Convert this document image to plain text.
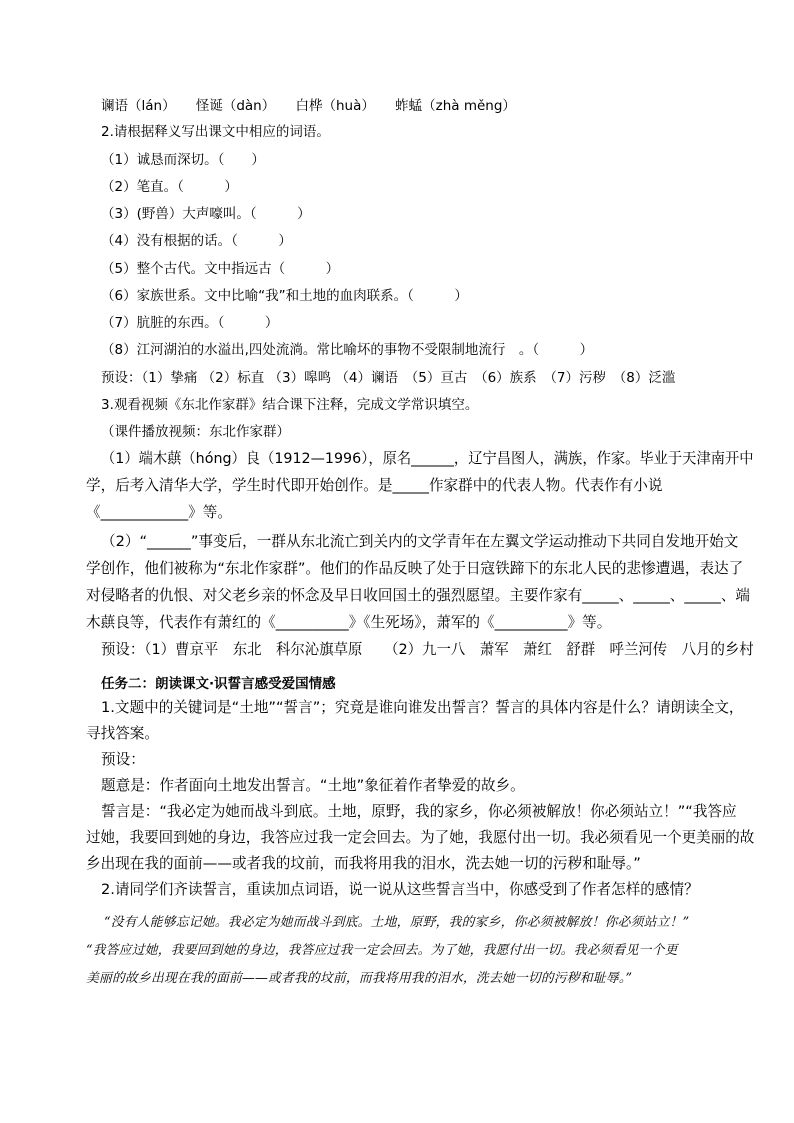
谰语（lán）　　怪诞（dàn）　　白桦（huà）　　蚱蜢（zhà měng）
2.请根据释义写出课文中相应的词语。
（1）诚恳而深切。（　　）
（2）笔直。（　　　）
（3）(野兽）大声嚎叫。（　　　）
（4）没有根据的话。（　　　）
（5）整个古代。文中指远古（　　　）
（6）家族世系。文中比喻“我”和土地的血肉联系。（　　　）
（7）肮脏的东西。（　　　）
（8）江河湖泊的水溢出,四处流淌。常比喻坏的事物不受限制地流行　。（　　　）
预设：（1）挚痛 （2）标直 （3）嗥鸣 （4）谰语　（5）亘古　（6）族系　（7）污秽　（8）泛滥
3.观看视频《东北作家群》结合课下注释，完成文学常识填空。
（课件播放视频：东北作家群）
（1）端木蕻（hóng）良（1912—1996），原名______，辽宁昌图人，满族，作家。毕业于天津南开中
学，后考入清华大学，学生时代即开始创作。是_____作家群中的代表人物。代表作有小说
《____________》等。
（2）“______”事变后，一群从东北流亡到关内的文学青年在左翼文学运动推动下共同自发地开始文
学创作，他们被称为“东北作家群”。他们的作品反映了处于日寇铁蹄下的东北人民的悲惨遭遇，表达了
对侵略者的仇恨、对父老乡亲的怀念及早日收回国土的强烈愿望。主要作家有_____、_____、_____、端
木蕻良等，代表作有萧红的《__________》《生死场》，萧军的《__________》等。
预设：（1）曹京平　东北　科尔沁旗草原　　（2）九一八　萧军　萧红　舒群　呼兰河传　八月的乡村
任务二：朗读课文·识誓言感受爱国情感
1.文题中的关键词是“土地”“誓言”；究竟是谁向谁发出誓言？誓言的具体内容是什么？请朗读全文，
寻找答案。
预设：
题意是：作者面向土地发出誓言。“土地”象征着作者挚爱的故乡。
誓言是：“我必定为她而战斗到底。土地，原野，我的家乡，你必须被解放！你必须站立！”“我答应
过她，我要回到她的身边，我答应过我一定会回去。为了她，我愿付出一切。我必须看见一个更美丽的故
乡出现在我的面前——或者我的坟前，而我将用我的泪水，洗去她一切的污秽和耻辱。”
2.请同学们齐读誓言，重读加点词语，说一说从这些誓言当中，你感受到了作者怎样的感情？
“没有人能够忘记她。我必定为她而战斗到底。土地，原野，我的家乡，你必须被解放！你必须站立！”
“我答应过她，我要回到她的身边，我答应过我一定会回去。为了她，我愿付出一切。我必须看见一个更
美丽的故乡出现在我的面前——或者我的坟前，而我将用我的泪水，洗去她一切的污秽和耻辱。”
